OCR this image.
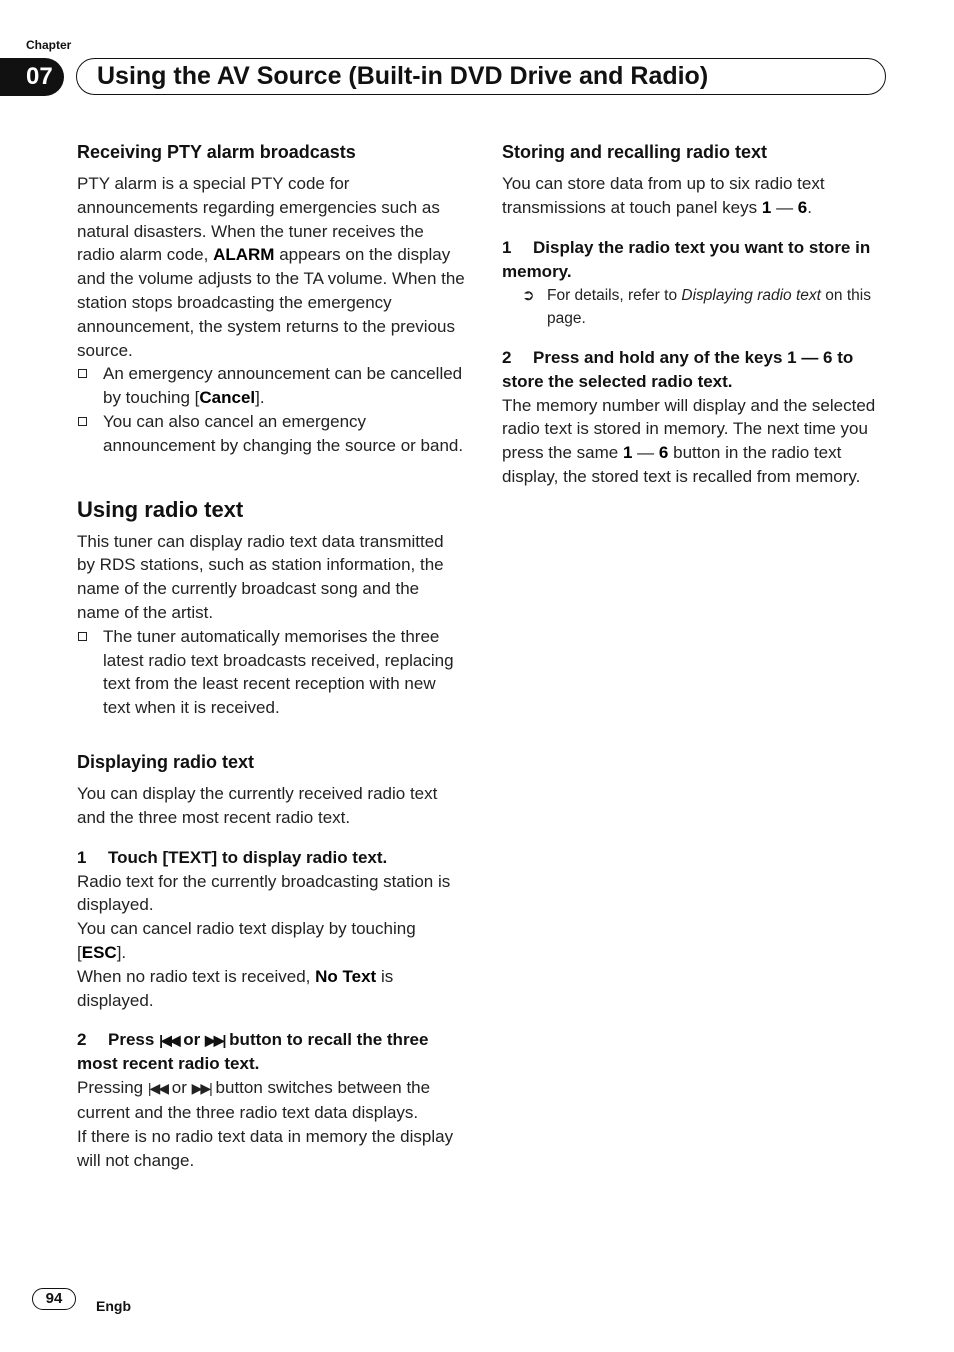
Chapter
07	Using the AV Source (Built-in DVD Drive and Radio)
Receiving PTY alarm broadcasts

PTY alarm is a special PTY code for announcements regarding emergencies such as natural disasters. When the tuner receives the radio alarm code, ALARM appears on the display and the volume adjusts to the TA volume. When the station stops broadcasting the emergency announcement, the system returns to the previous source.

An emergency announcement can be cancelled by touching [Cancel].
You can also cancel an emergency announcement by changing the source or band.
Using radio text

This tuner can display radio text data transmitted by RDS stations, such as station information, the name of the currently broadcast song and the name of the artist.

The tuner automatically memorises the three latest radio text broadcasts received, replacing text from the least recent reception with new text when it is received.
Displaying radio text

You can display the currently received radio text and the three most recent radio text.

1 Touch [TEXT] to display radio text.

Radio text for the currently broadcasting station is displayed.

You can cancel radio text display by touching [ESC].

When no radio text is received, No Text is displayed.

2 Press |◀◀ or ▶▶| button to recall the three most recent radio text.

Pressing |◀◀ or ▶▶| button switches between the current and the three radio text data displays.

If there is no radio text data in memory the display will not change.

Storing and recalling radio text

You can store data from up to six radio text transmissions at touch panel keys 1 — 6.

1 Display the radio text you want to store in memory.
➲ For details, refer to Displaying radio text on this page.
2 Press and hold any of the keys 1 — 6 to store the selected radio text.

The memory number will display and the selected radio text is stored in memory. The next time you press the same 1 — 6 button in the radio text display, the stored text is recalled from memory.

94	Engb
